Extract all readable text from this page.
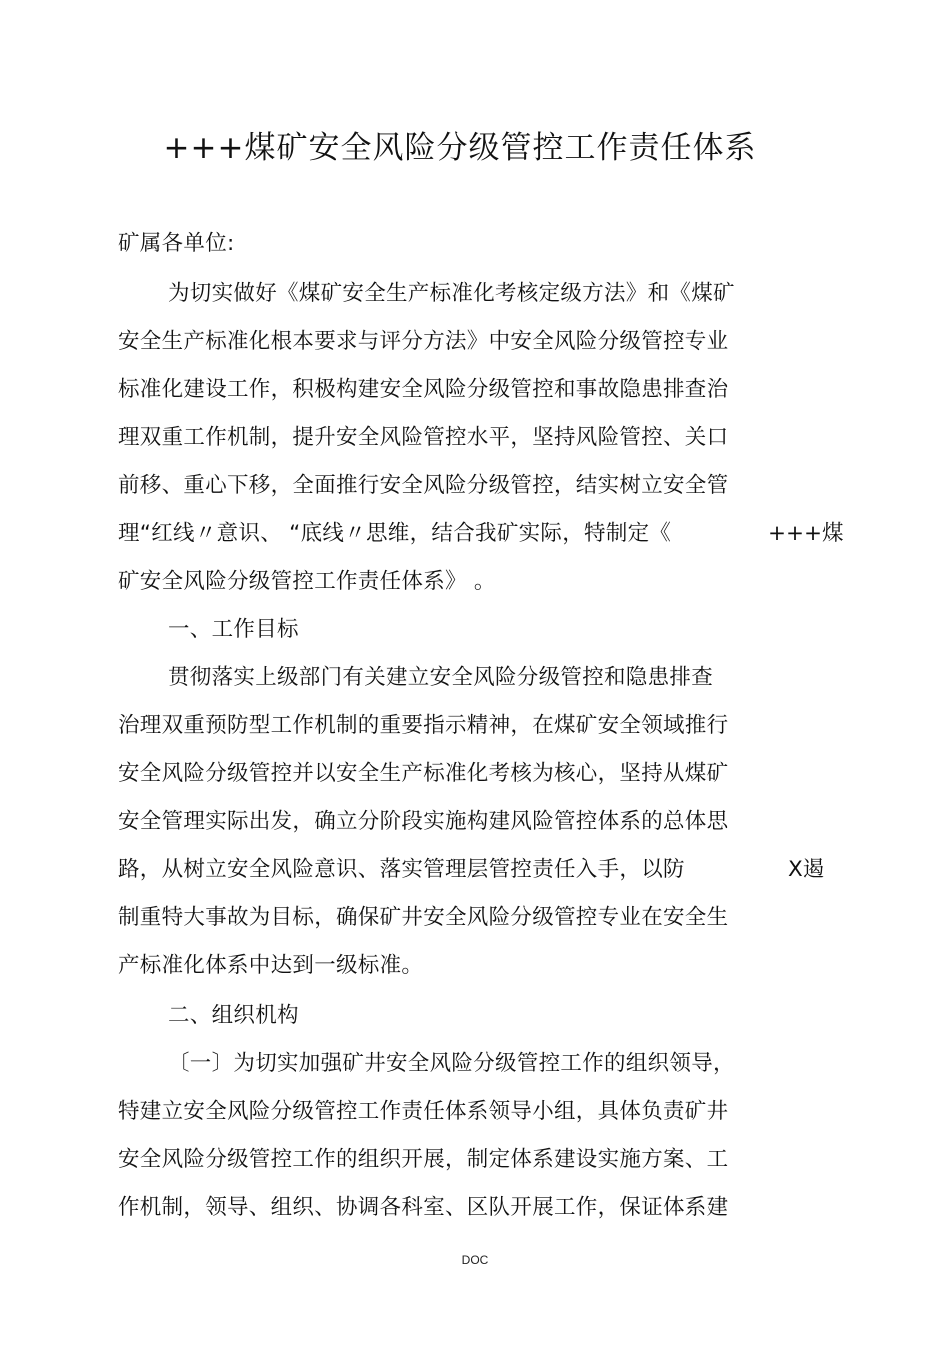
+++煤矿安全风险分级管控工作责任体系
矿属各单位:
为切实做好《煤矿安全生产标准化考核定级方法》和《煤矿
安全生产标准化根本要求与评分方法》中安全风险分级管控专业
标准化建设工作，积极构建安全风险分级管控和事故隐患排查治
理双重工作机制，提升安全风险管控水平，坚持风险管控、关口
前移、重心下移，全面推行安全风险分级管控，结实树立安全管
理“红线〃意识、 “底线〃思维，结合我矿实际，特制定《	+++煤
矿安全风险分级管控工作责任体系》 。
一、工作目标
贯彻落实上级部门有关建立安全风险分级管控和隐患排查
治理双重预防型工作机制的重要指示精神，在煤矿安全领域推行
安全风险分级管控并以安全生产标准化考核为核心，坚持从煤矿
安全管理实际出发，确立分阶段实施构建风险管控体系的总体思
路，从树立安全风险意识、落实管理层管控责任入手，以防	X遏
制重特大事故为目标，确保矿井安全风险分级管控专业在安全生
产标准化体系中达到一级标准。
二、组织机构
〔一〕为切实加强矿井安全风险分级管控工作的组织领导，
特建立安全风险分级管控工作责任体系领导小组，具体负责矿井
安全风险分级管控工作的组织开展，制定体系建设实施方案、工
作机制，领导、组织、协调各科室、区队开展工作，保证体系建
DOC
